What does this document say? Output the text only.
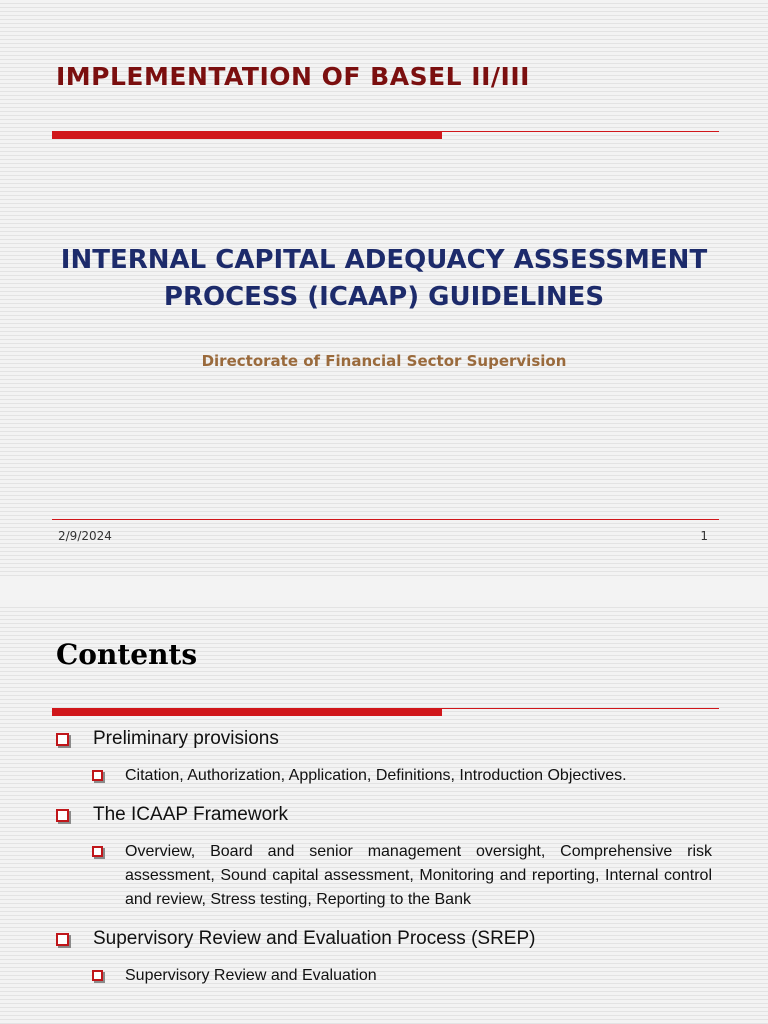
IMPLEMENTATION OF BASEL II/III
INTERNAL CAPITAL ADEQUACY ASSESSMENT
PROCESS (ICAAP) GUIDELINES
Directorate of Financial Sector Supervision
2/9/2024	1
Contents
Preliminary provisions
Citation, Authorization, Application, Definitions, Introduction Objectives.
The ICAAP Framework
Overview, Board and senior management oversight, Comprehensive risk assessment, Sound capital assessment, Monitoring and reporting, Internal control and review, Stress testing, Reporting to the Bank
Supervisory Review and Evaluation Process (SREP)
Supervisory Review and Evaluation
